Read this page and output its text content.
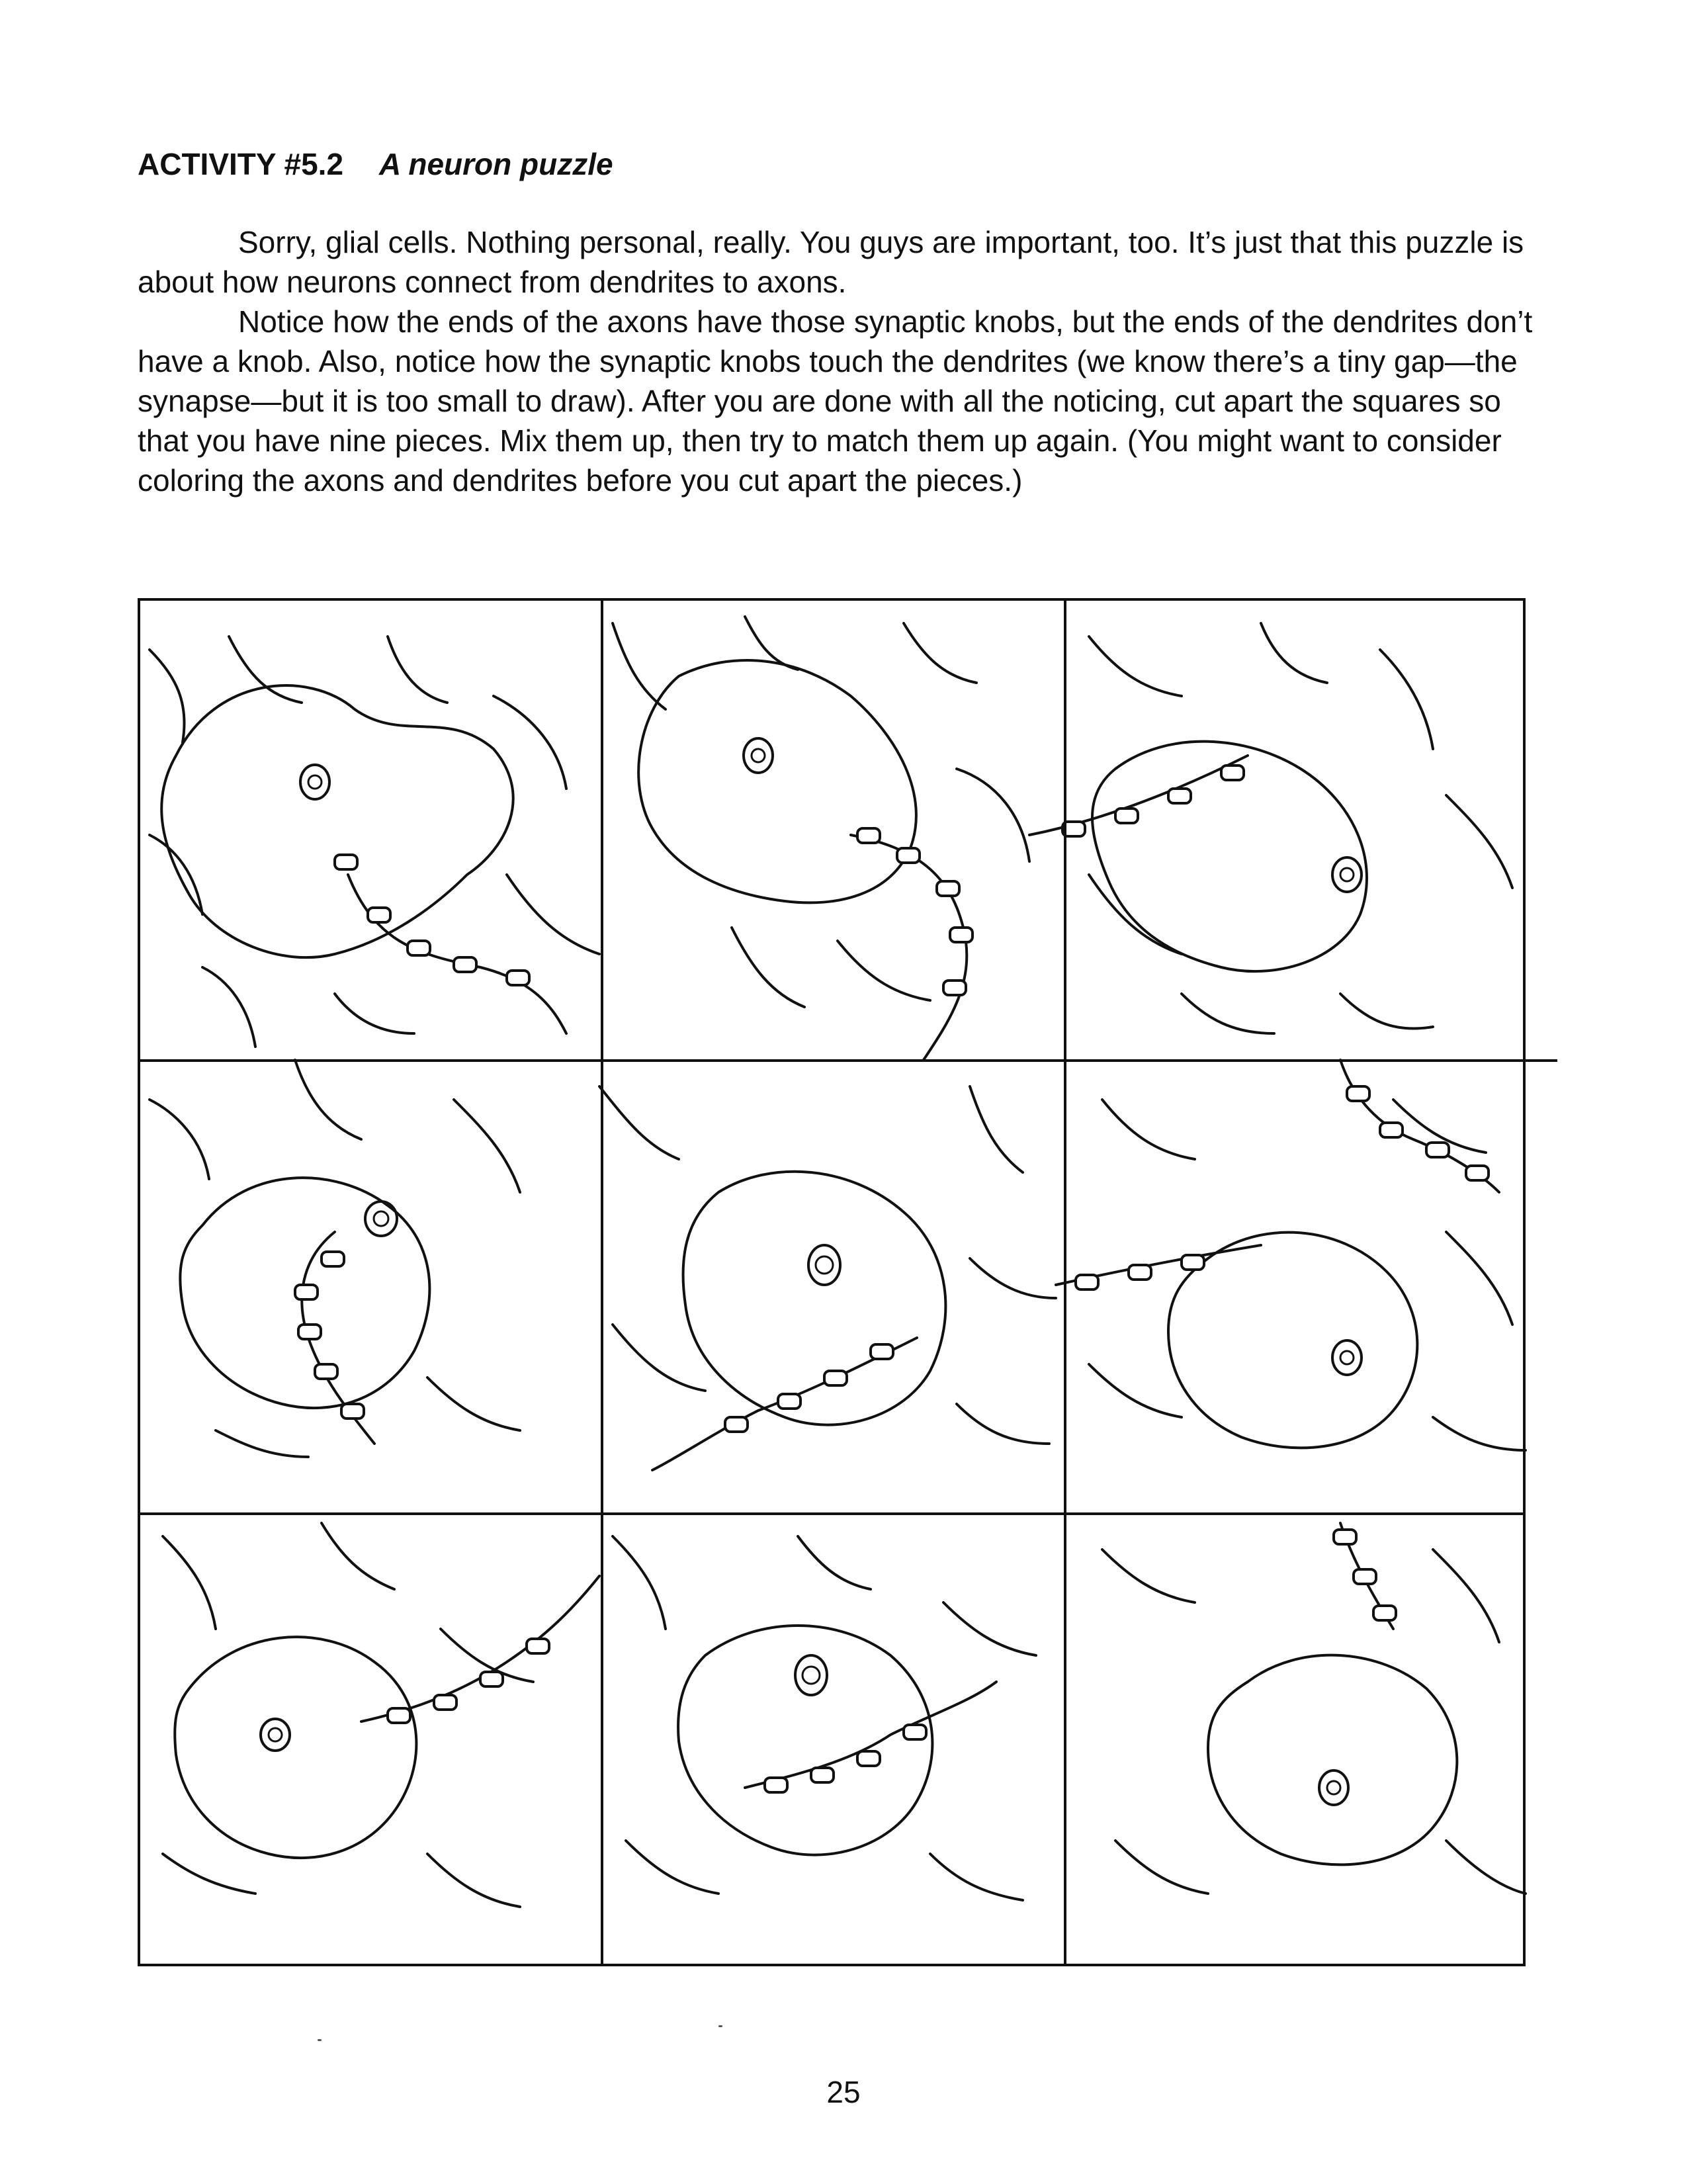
ACTIVITY #5.2 A neuron puzzle

Sorry, glial cells. Nothing personal, really. You guys are important, too. It’s just that this puzzle is about how neurons connect from dendrites to axons.

Notice how the ends of the axons have those synaptic knobs, but the ends of the dendrites don’t have a knob. Also, notice how the synaptic knobs touch the dendrites (we know there’s a tiny gap—the synapse—but it is too small to draw). After you are done with all the noticing, cut apart the squares so that you have nine pieces. Mix them up, then try to match them up again. (You might want to consider coloring the axons and dendrites before you cut apart the pieces.)

25
